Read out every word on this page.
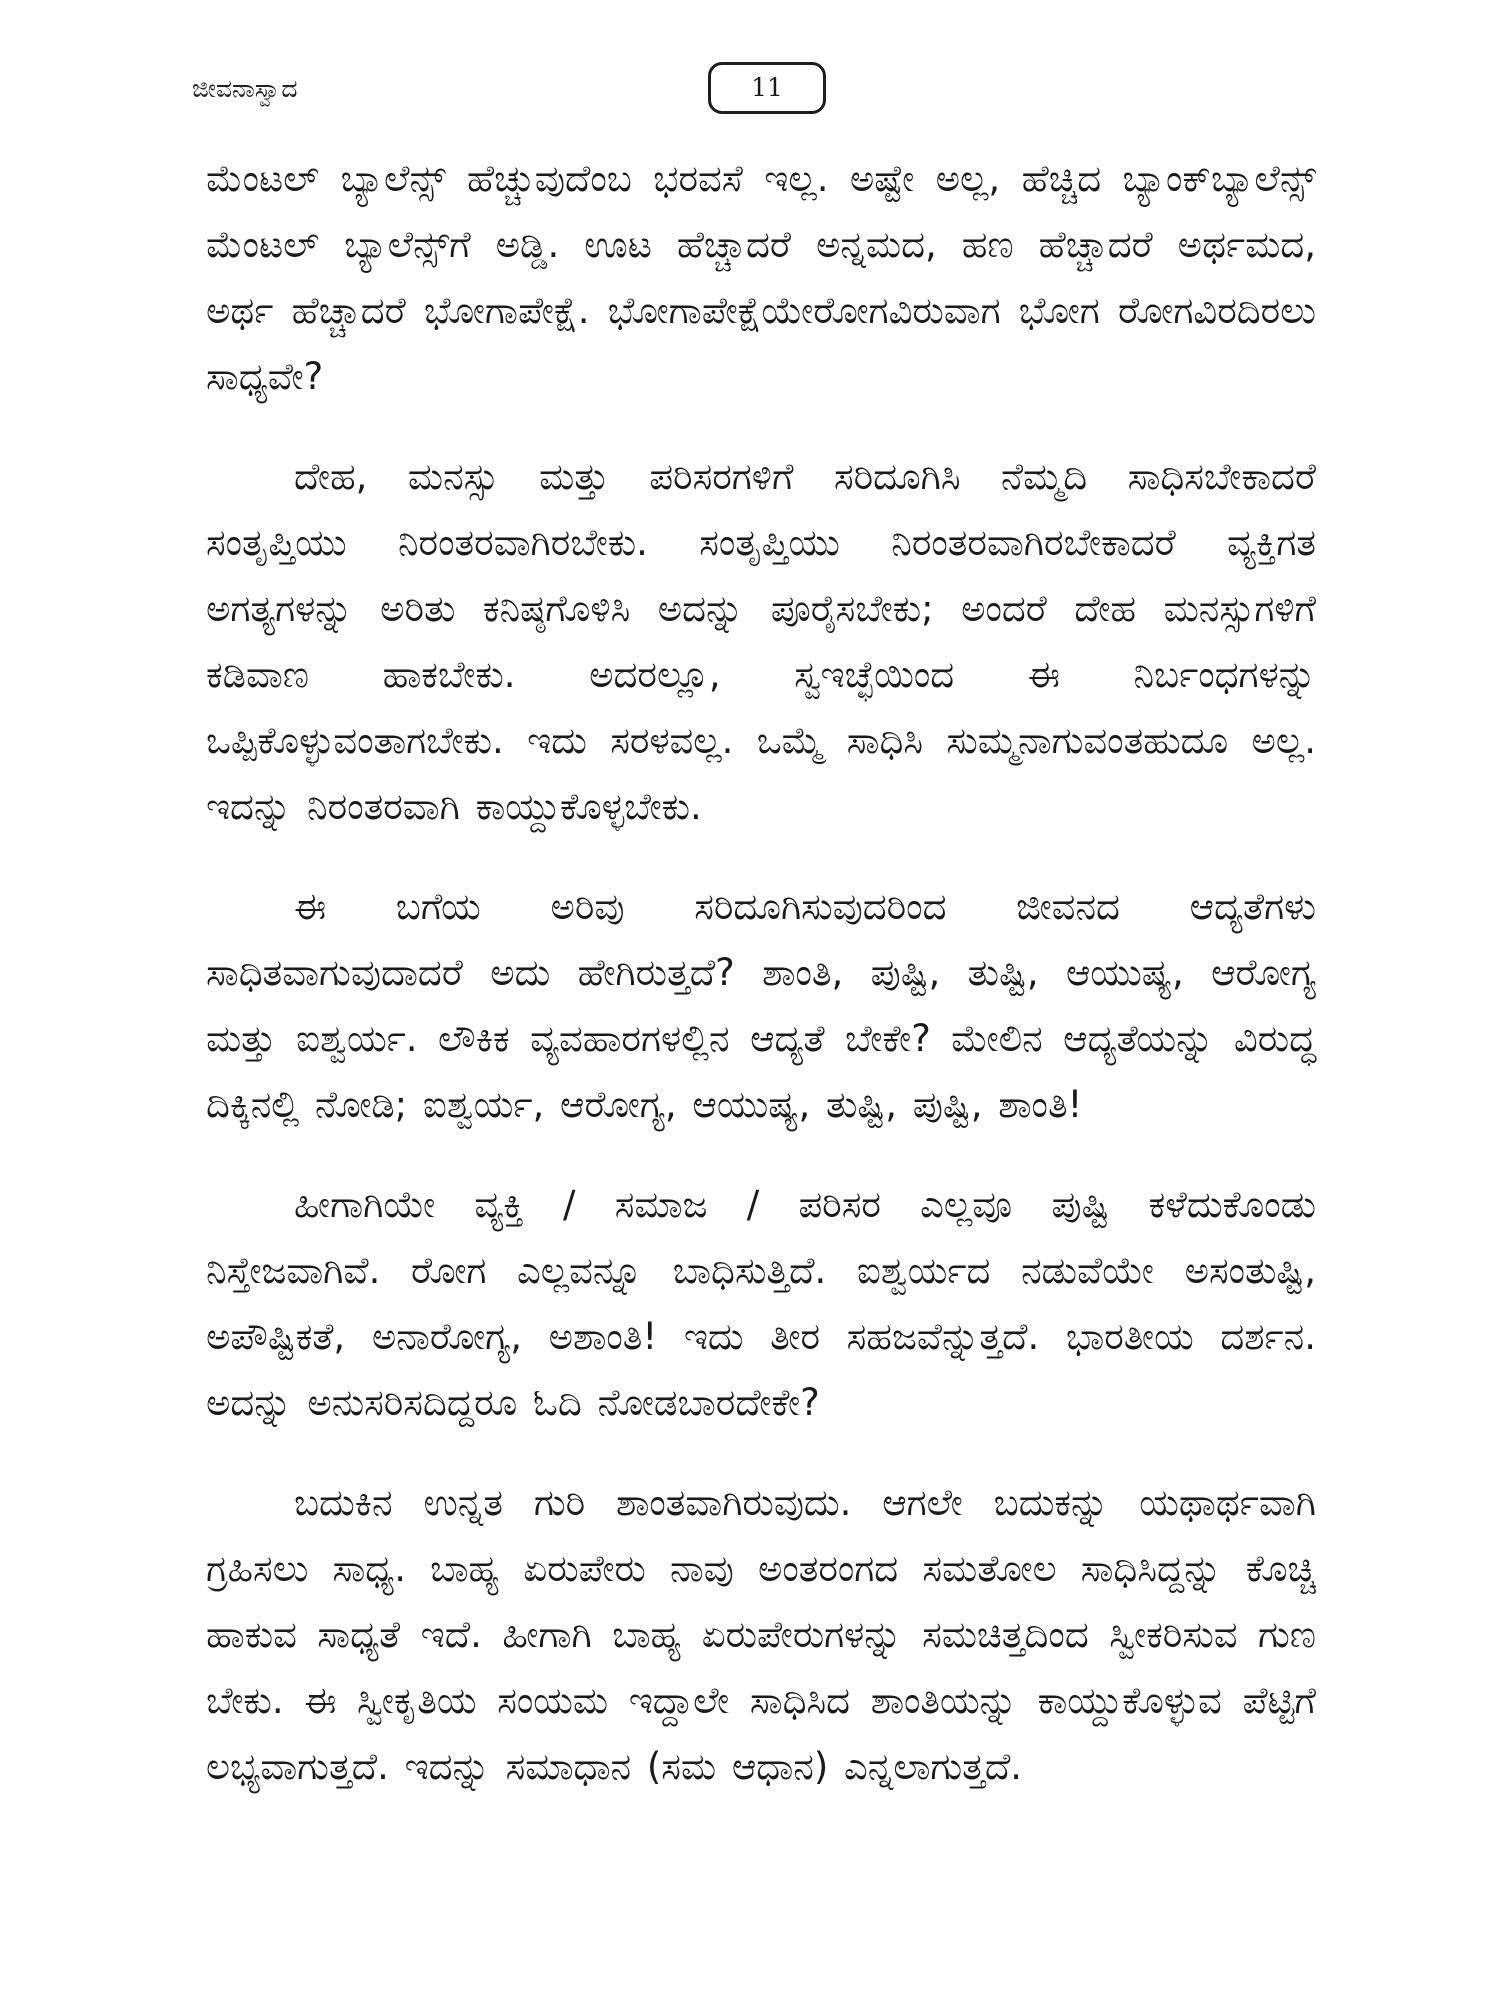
ಜೀವನಾಸ್ವಾದ	11

ಮೆಂಟಲ್ ಬ್ಯಾಲೆನ್ಸ್ ಹೆಚ್ಚುವುದೆಂಬ ಭರವಸೆ ಇಲ್ಲ. ಅಷ್ಟೇ ಅಲ್ಲ, ಹೆಚ್ಚಿದ ಬ್ಯಾಂಕ್‌ಬ್ಯಾಲೆನ್ಸ್ ಮೆಂಟಲ್ ಬ್ಯಾಲೆನ್ಸ್‌ಗೆ ಅಡ್ಡಿ. ಊಟ ಹೆಚ್ಚಾದರೆ ಅನ್ನಮದ, ಹಣ ಹೆಚ್ಚಾದರೆ ಅರ್ಥಮದ, ಅರ್ಥ ಹೆಚ್ಚಾದರೆ ಭೋಗಾಪೇಕ್ಷೆ. ಭೋಗಾಪೇಕ್ಷೆಯೇರೋಗವಿರುವಾಗ ಭೋಗ ರೋಗವಿರದಿರಲು ಸಾಧ್ಯವೇ?

ದೇಹ, ಮನಸ್ಸು ಮತ್ತು ಪರಿಸರಗಳಿಗೆ ಸರಿದೂಗಿಸಿ ನೆಮ್ಮದಿ ಸಾಧಿಸಬೇಕಾದರೆ ಸಂತೃಪ್ತಿಯು ನಿರಂತರವಾಗಿರಬೇಕು. ಸಂತೃಪ್ತಿಯು ನಿರಂತರವಾಗಿರಬೇಕಾದರೆ ವ್ಯಕ್ತಿಗತ ಅಗತ್ಯಗಳನ್ನು ಅರಿತು ಕನಿಷ್ಠಗೊಳಿಸಿ ಅದನ್ನು ಪೂರೈಸಬೇಕು; ಅಂದರೆ ದೇಹ ಮನಸ್ಸುಗಳಿಗೆ ಕಡಿವಾಣ ಹಾಕಬೇಕು. ಅದರಲ್ಲೂ, ಸ್ವಇಚ್ಛೆಯಿಂದ ಈ ನಿರ್ಬಂಧಗಳನ್ನು ಒಪ್ಪಿಕೊಳ್ಳುವಂತಾಗಬೇಕು. ಇದು ಸರಳವಲ್ಲ. ಒಮ್ಮೆ ಸಾಧಿಸಿ ಸುಮ್ಮನಾಗುವಂತಹುದೂ ಅಲ್ಲ. ಇದನ್ನು ನಿರಂತರವಾಗಿ ಕಾಯ್ದುಕೊಳ್ಳಬೇಕು.

ಈ ಬಗೆಯ ಅರಿವು ಸರಿದೂಗಿಸುವುದರಿಂದ ಜೀವನದ ಆದ್ಯತೆಗಳು ಸಾಧಿತವಾಗುವುದಾದರೆ ಅದು ಹೇಗಿರುತ್ತದೆ? ಶಾಂತಿ, ಪುಷ್ಟಿ, ತುಷ್ಟಿ, ಆಯುಷ್ಯ, ಆರೋಗ್ಯ ಮತ್ತು ಐಶ್ವರ್ಯ. ಲೌಕಿಕ ವ್ಯವಹಾರಗಳಲ್ಲಿನ ಆದ್ಯತೆ ಬೇಕೇ? ಮೇಲಿನ ಆದ್ಯತೆಯನ್ನು ವಿರುದ್ಧ ದಿಕ್ಕಿನಲ್ಲಿ ನೋಡಿ; ಐಶ್ವರ್ಯ, ಆರೋಗ್ಯ, ಆಯುಷ್ಯ, ತುಷ್ಟಿ, ಪುಷ್ಟಿ, ಶಾಂತಿ!

ಹೀಗಾಗಿಯೇ ವ್ಯಕ್ತಿ / ಸಮಾಜ / ಪರಿಸರ ಎಲ್ಲವೂ ಪುಷ್ಟಿ ಕಳೆದುಕೊಂಡು ನಿಸ್ತೇಜವಾಗಿವೆ. ರೋಗ ಎಲ್ಲವನ್ನೂ ಬಾಧಿಸುತ್ತಿದೆ. ಐಶ್ವರ್ಯದ ನಡುವೆಯೇ ಅಸಂತುಷ್ಟಿ, ಅಪೌಷ್ಟಿಕತೆ, ಅನಾರೋಗ್ಯ, ಅಶಾಂತಿ! ಇದು ತೀರ ಸಹಜವೆನ್ನುತ್ತದೆ. ಭಾರತೀಯ ದರ್ಶನ. ಅದನ್ನು ಅನುಸರಿಸದಿದ್ದರೂ ಓದಿ ನೋಡಬಾರದೇಕೇ?

ಬದುಕಿನ ಉನ್ನತ ಗುರಿ ಶಾಂತವಾಗಿರುವುದು. ಆಗಲೇ ಬದುಕನ್ನು ಯಥಾರ್ಥವಾಗಿ ಗ್ರಹಿಸಲು ಸಾಧ್ಯ. ಬಾಹ್ಯ ಏರುಪೇರು ನಾವು ಅಂತರಂಗದ ಸಮತೋಲ ಸಾಧಿಸಿದ್ದನ್ನು ಕೊಚ್ಚಿ ಹಾಕುವ ಸಾಧ್ಯತೆ ಇದೆ. ಹೀಗಾಗಿ ಬಾಹ್ಯ ಏರುಪೇರುಗಳನ್ನು ಸಮಚಿತ್ತದಿಂದ ಸ್ವೀಕರಿಸುವ ಗುಣ ಬೇಕು. ಈ ಸ್ವೀಕೃತಿಯ ಸಂಯಮ ಇದ್ದಾಲೇ ಸಾಧಿಸಿದ ಶಾಂತಿಯನ್ನು ಕಾಯ್ದುಕೊಳ್ಳುವ ಪೆಟ್ಟಿಗೆ ಲಭ್ಯವಾಗುತ್ತದೆ. ಇದನ್ನು ಸಮಾಧಾನ (ಸಮ ಆಧಾನ) ಎನ್ನಲಾಗುತ್ತದೆ.
